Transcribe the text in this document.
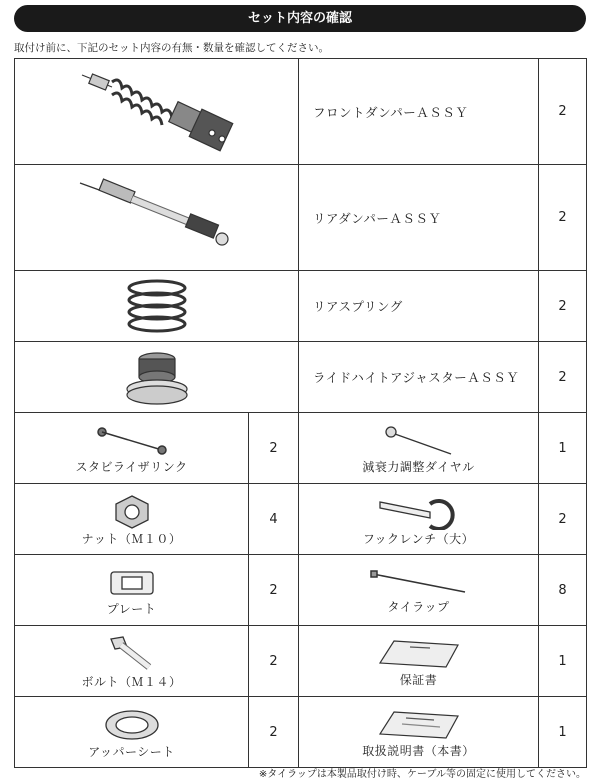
セット内容の確認
取付け前に、下記のセット内容の有無・数量を確認してください。
	フロントダンパーＡＳＳＹ	2

	リアダンパーＡＳＳＹ	2

	リアスプリング	2

	ライドハイトアジャスターＡＳＳＹ	2

スタビライザリンク	2	減衰力調整ダイヤル	1

ナット（Ｍ１０）	4	フックレンチ（大）	2

プレート	2	タイラップ	8

ボルト（Ｍ１４）	2	保証書	1

アッパーシート	2	取扱説明書（本書）	1
※タイラップは本製品取付け時、ケーブル等の固定に使用してください。
